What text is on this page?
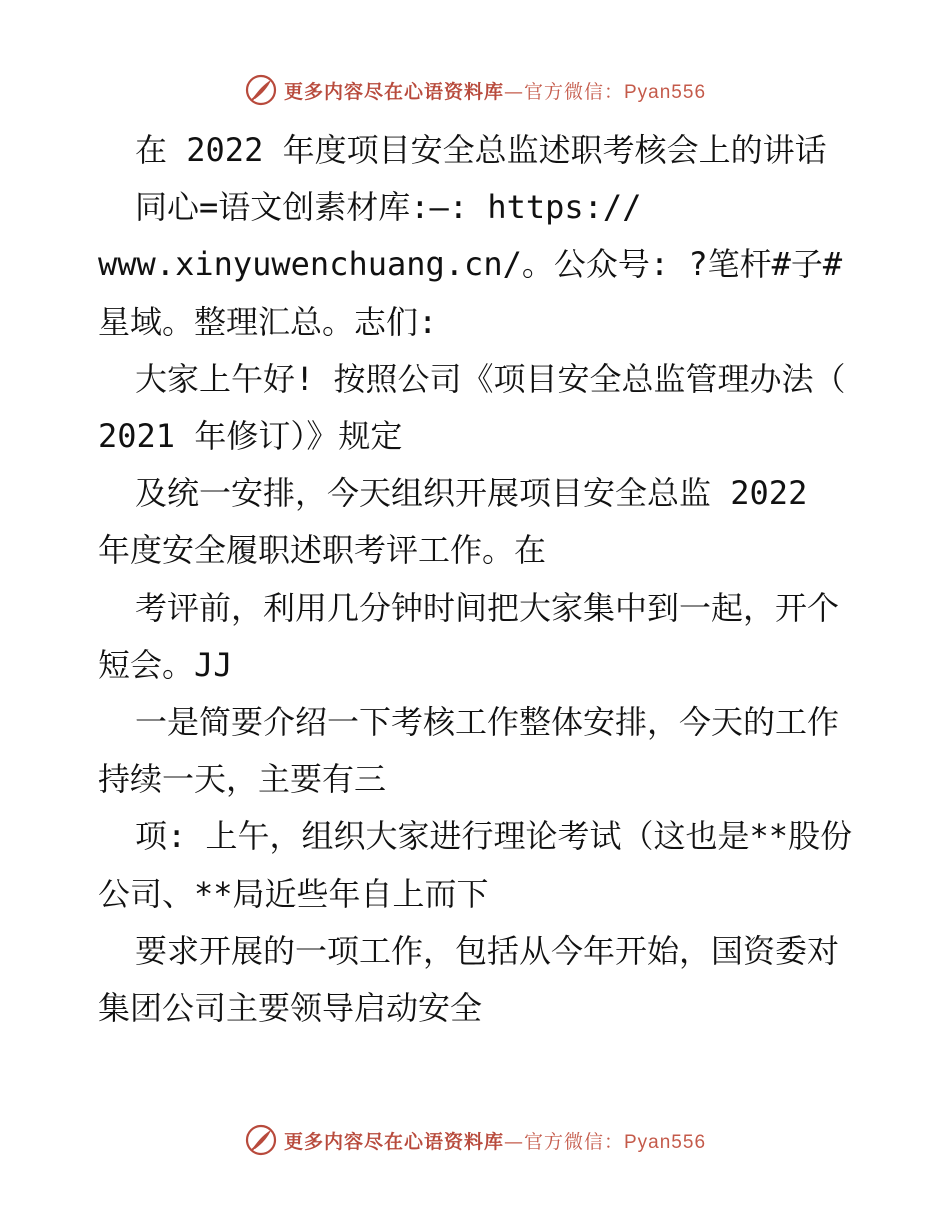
更多内容尽在心语资料库—官方微信：Pyan556

在 2022 年度项目安全总监述职考核会上的讲话

同心=语文创素材库:—: https://

www.xinyuwenchuang.cn/。公众号: ?笔杆#子#星域。整理汇总。志们:

大家上午好! 按照公司《项目安全总监管理办法（ 2021 年修订）》规定

及统一安排，今天组织开展项目安全总监 2022 年度安全履职述职考评工作。在

考评前，利用几分钟时间把大家集中到一起，开个短会。JJ

一是简要介绍一下考核工作整体安排，今天的工作持续一天，主要有三

项: 上午，组织大家进行理论考试（这也是**股份公司、**局近些年自上而下

要求开展的一项工作，包括从今年开始，国资委对集团公司主要领导启动安全

更多内容尽在心语资料库—官方微信：Pyan556
